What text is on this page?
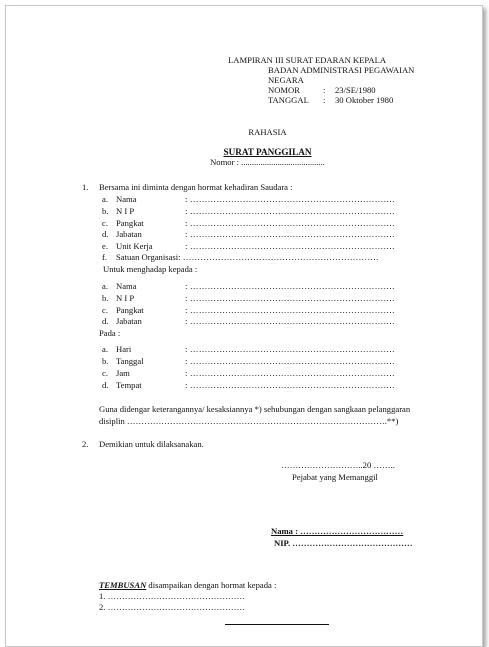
LAMPIRAN III SURAT EDARAN KEPALA
BADAN ADMINISTRASI PEGAWAIAN
NEGARA
NOMOR	: 23/SE/1980
TANGGAL : 30 Oktober 1980
RAHASIA
SURAT PANGGILAN
Nomor : .......................................
1. Bersama ini diminta dengan hormat kehadiran Saudara :
a. Nama	: …………………………………………………………….
b. N I P	: …………………………………………………………….
c. Pangkat	: …………………………………………………………….
d. Jabatan	: …………………………………………………………….
e. Unit Kerja	: …………………………………………………………….
f. Satuan Organisasi: ………………………………………………………….
Untuk menghadap kepada :
a. Nama	: …………………………………………………………….
b. N I P	: …………………………………………………………….
c. Pangkat	: …………………………………………………………….
d. Jabatan	: …………………………………………………………….
Pada :
a. Hari	: …………………………………………………………….
b. Tanggal	: …………………………………………………………….
c. Jam	: …………………………………………………………….
d. Tempat	: …………………………………………………………….
Guna didengar keterangannya/ kesaksiannya *) sehubungan dengan sangkaan pelanggaran
disiplin ……………………………………………………………………………….**)
2. Demikian untuk dilaksanakan.
………………………..20 ……..
Pejabat yang Memanggil
Nama : ………………………………
NIP. ……………………………………
TEMBUSAN disampaikan dengan hormat kepada :
1. …………………………………………
2. …………………………………………
